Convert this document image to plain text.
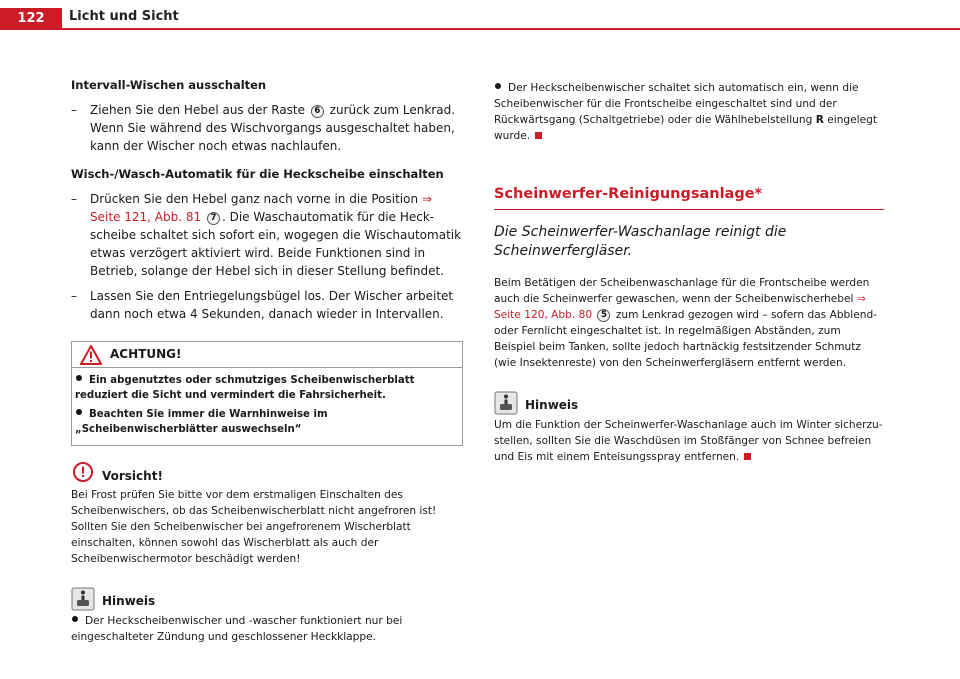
122	Licht und Sicht
Intervall-Wischen ausschalten
– Ziehen Sie den Hebel aus der Raste 6 zurück zum Lenkrad. Wenn Sie während des Wischvorgangs ausgeschaltet haben, kann der Wischer noch etwas nachlaufen.
Wisch-/Wasch-Automatik für die Heckscheibe einschalten
– Drücken Sie den Hebel ganz nach vorne in die Position ⇒ Seite 121, Abb. 81 7 . Die Waschautomatik für die Heckscheibe schaltet sich sofort ein, wogegen die Wischautomatik etwas verzögert aktiviert wird. Beide Funktionen sind in Betrieb, solange der Hebel sich in dieser Stellung befindet.
– Lassen Sie den Entriegelungsbügel los. Der Wischer arbeitet dann noch etwa 4 Sekunden, danach wieder in Intervallen.
ACHTUNG!
Ein abgenutztes oder schmutziges Scheibenwischerblatt reduziert die Sicht und vermindert die Fahrsicherheit.
Beachten Sie immer die Warnhinweise im „Scheibenwischerblätter auswechseln“
Vorsicht!
Bei Frost prüfen Sie bitte vor dem erstmaligen Einschalten des Scheibenwischers, ob das Scheibenwischerblatt nicht angefroren ist! Sollten Sie den Scheibenwischer bei angefrorenem Wischerblatt einschalten, können sowohl das Wischerblatt als auch der Scheibenwischermotor beschädigt werden!
Hinweis
Der Heckscheibenwischer und -wascher funktioniert nur bei eingeschalteter Zündung und geschlossener Heckklappe.
Der Heckscheibenwischer schaltet sich automatisch ein, wenn die Scheibenwischer für die Frontscheibe eingeschaltet sind und der Rückwärtsgang (Schaltgetriebe) oder die Wählhebelstellung R eingelegt wurde.
Scheinwerfer-Reinigungsanlage*
Die Scheinwerfer-Waschanlage reinigt die Scheinwerfergläser.
Beim Betätigen der Scheibenwaschanlage für die Frontscheibe werden auch die Scheinwerfer gewaschen, wenn der Scheibenwischerhebel ⇒ Seite 120, Abb. 80 5 zum Lenkrad gezogen wird – sofern das Abblend- oder Fernlicht eingeschaltet ist. In regelmäßigen Abständen, zum Beispiel beim Tanken, sollte jedoch hartnäckig festsitzender Schmutz (wie Insektenreste) von den Scheinwerfergläsern entfernt werden.
Hinweis
Um die Funktion der Scheinwerfer-Waschanlage auch im Winter sicherzustellen, sollten Sie die Waschdüsen im Stoßfänger von Schnee befreien und Eis mit einem Enteisungsspray entfernen.
